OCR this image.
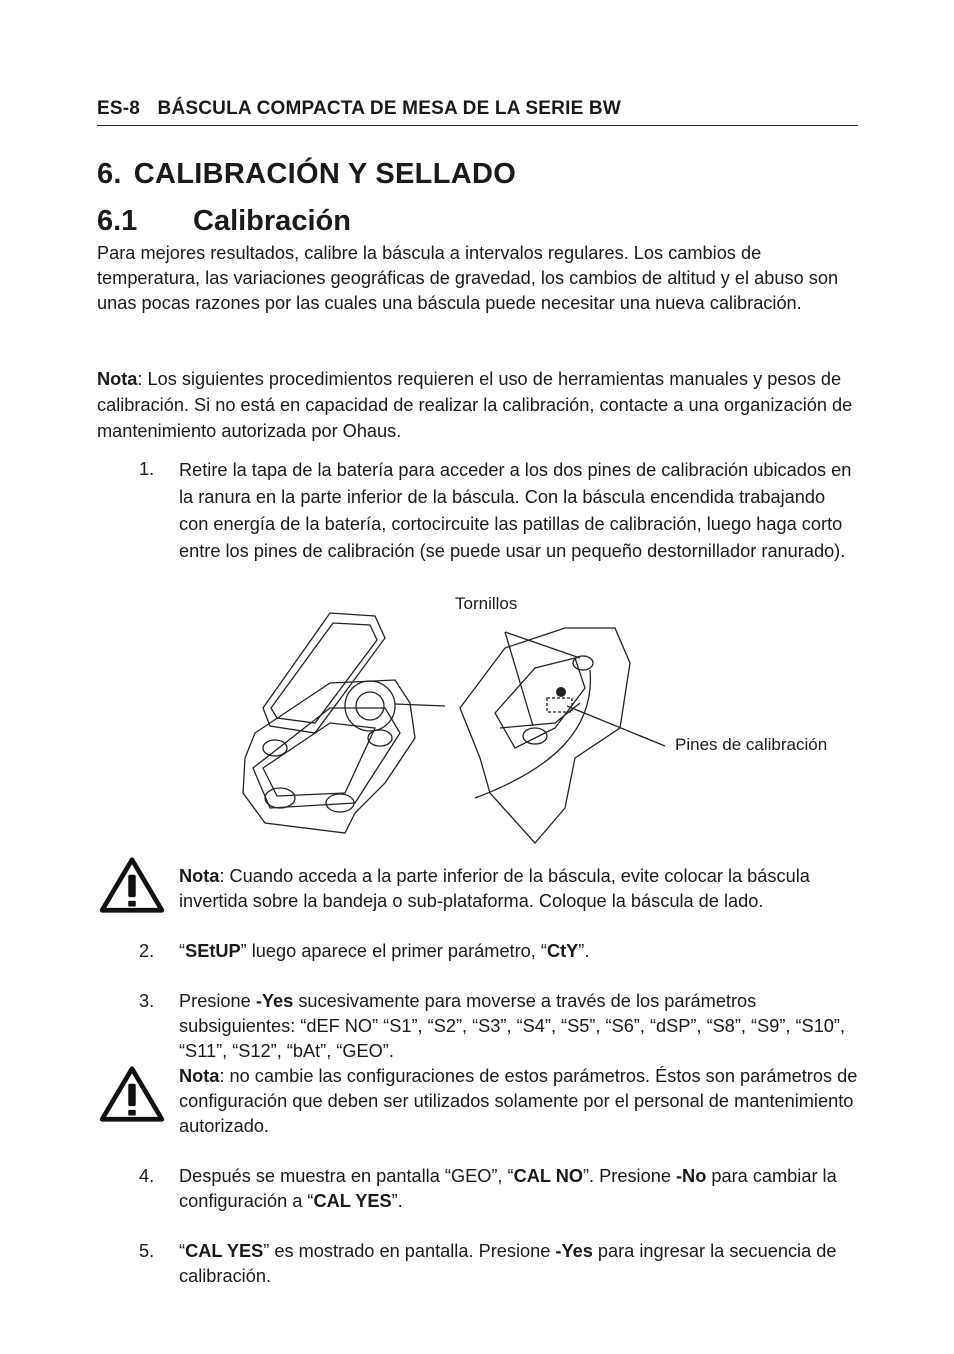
ES-8 BÁSCULA COMPACTA DE MESA DE LA SERIE BW
6. CALIBRACIÓN Y SELLADO
6.1 Calibración

Para mejores resultados, calibre la báscula a intervalos regulares. Los cambios de temperatura, las variaciones geográficas de gravedad, los cambios de altitud y el abuso son unas pocas razones por las cuales una báscula puede necesitar una nueva calibración.

Nota: Los siguientes procedimientos requieren el uso de herramientas manuales y pesos de calibración. Si no está en capacidad de realizar la calibración, contacte a una organización de mantenimiento autorizada por Ohaus.

1. Retire la tapa de la batería para acceder a los dos pines de calibración ubicados en la ranura en la parte inferior de la báscula. Con la báscula encendida trabajando con energía de la batería, cortocircuite las patillas de calibración, luego haga corto entre los pines de calibración (se puede usar un pequeño destornillador ranurado).
Tornillos
Pines de calibración

Nota: Cuando acceda a la parte inferior de la báscula, evite colocar la báscula invertida sobre la bandeja o sub-plataforma. Coloque la báscula de lado.

2. “SEtUP” luego aparece el primer parámetro, “CtY”.
3. Presione -Yes sucesivamente para moverse a través de los parámetros subsiguientes: “dEF NO” “S1”, “S2”, “S3”, “S4”, “S5”, “S6”, “dSP”, “S8”, “S9”, “S10”, “S11”, “S12”, “bAt”, “GEO”.

Nota: no cambie las configuraciones de estos parámetros. Éstos son parámetros de configuración que deben ser utilizados solamente por el personal de mantenimiento autorizado.

4. Después se muestra en pantalla “GEO”, “CAL NO”. Presione -No para cambiar la configuración a “CAL YES”.
5. “CAL YES” es mostrado en pantalla. Presione -Yes para ingresar la secuencia de calibración.
